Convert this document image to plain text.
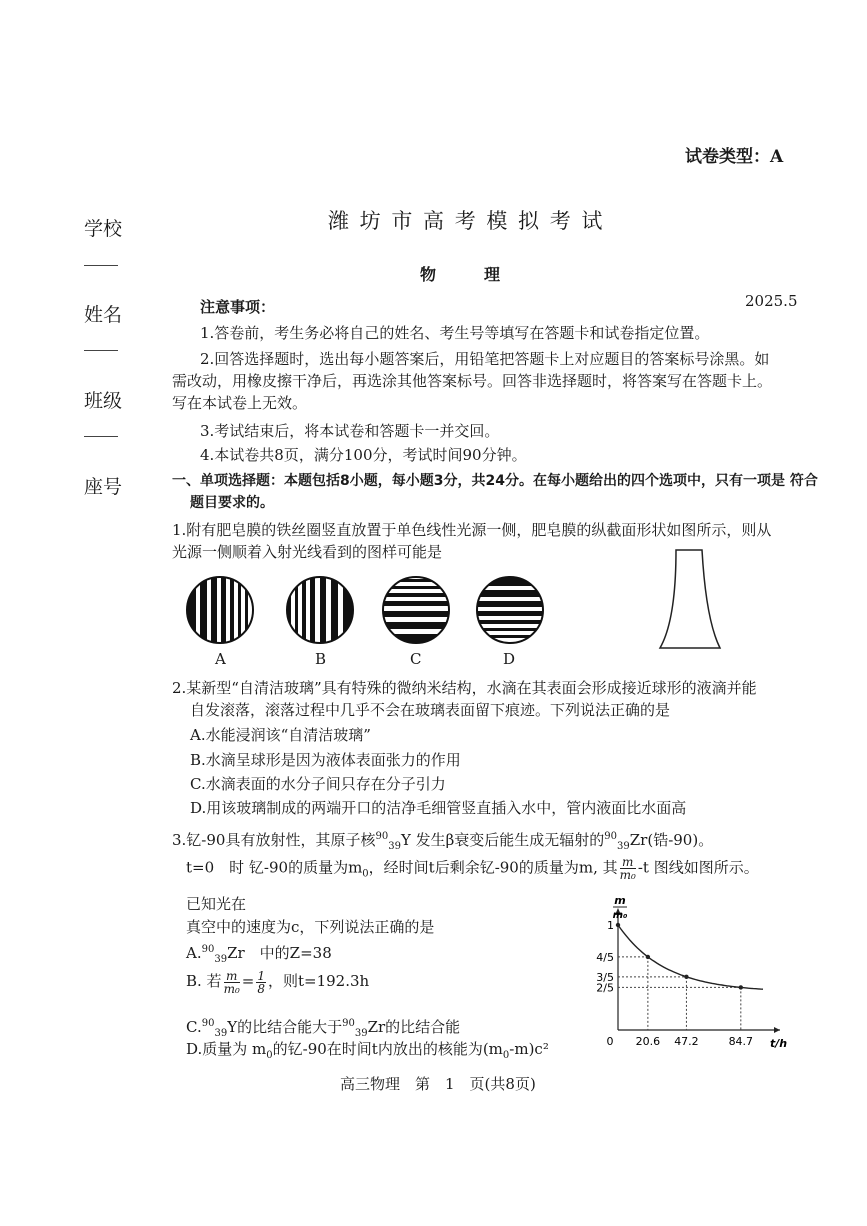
试卷类型：A
潍 坊 市 高 考 模 拟 考 试
物　　　理
2025.5
学校
姓名
班级
座号
注意事项：
1.答卷前，考生务必将自己的姓名、考生号等填写在答题卡和试卷指定位置。
2.回答选择题时，选出每小题答案后，用铅笔把答题卡上对应题目的答案标号涂黑。如
需改动，用橡皮擦干净后，再选涂其他答案标号。回答非选择题时，将答案写在答题卡上。
写在本试卷上无效。
3.考试结束后，将本试卷和答题卡一并交回。
4.本试卷共8页，满分100分，考试时间90分钟。
一、单项选择题：本题包括8小题，每小题3分，共24分。在每小题给出的四个选项中，只有一项是 符合
题目要求的。
1.附有肥皂膜的铁丝圈竖直放置于单色线性光源一侧，肥皂膜的纵截面形状如图所示，则从
光源一侧顺着入射光线看到的图样可能是
A	B	C	D
2.某新型“自清洁玻璃”具有特殊的微纳米结构，水滴在其表面会形成接近球形的液滴并能
自发滚落，滚落过程中几乎不会在玻璃表面留下痕迹。下列说法正确的是
A.水能浸润该“自清洁玻璃”
B.水滴呈球形是因为液体表面张力的作用
C.水滴表面的水分子间只存在分子引力
D.用该玻璃制成的两端开口的洁净毛细管竖直插入水中，管内液面比水面高
3.钇-90具有放射性，其原子核$^{90}_{39}$Y 发生β衰变后能生成无辐射的$^{90}_{39}$Zr(锆-90)。
t=0　时 钇-90的质量为$m_0$，经时间t后剩余钇-90的质量为m, 其 $\frac{m}{\text{m₀}} -t$ 图线如图所示。
已知光在
真空中的速度为c，下列说法正确的是
A.$^{90}_{39}$Zr　中的Z=38
B. 若 $\frac{m}{\text{m₀}} = \frac{1}{8}$ ，则t=192.3h
C.$^{90}_{39}$Y的比结合能大于$^{90}_{39}$Zr的比结合能
D.质量为 $m_0$的钇-90在时间t内放出的核能为$(m_0-m)c^2$
1
4/5
3/5
2/5
0 20.6 47.2	84.7
m
m₀
t/h
高三物理　第　1　页(共8页)
